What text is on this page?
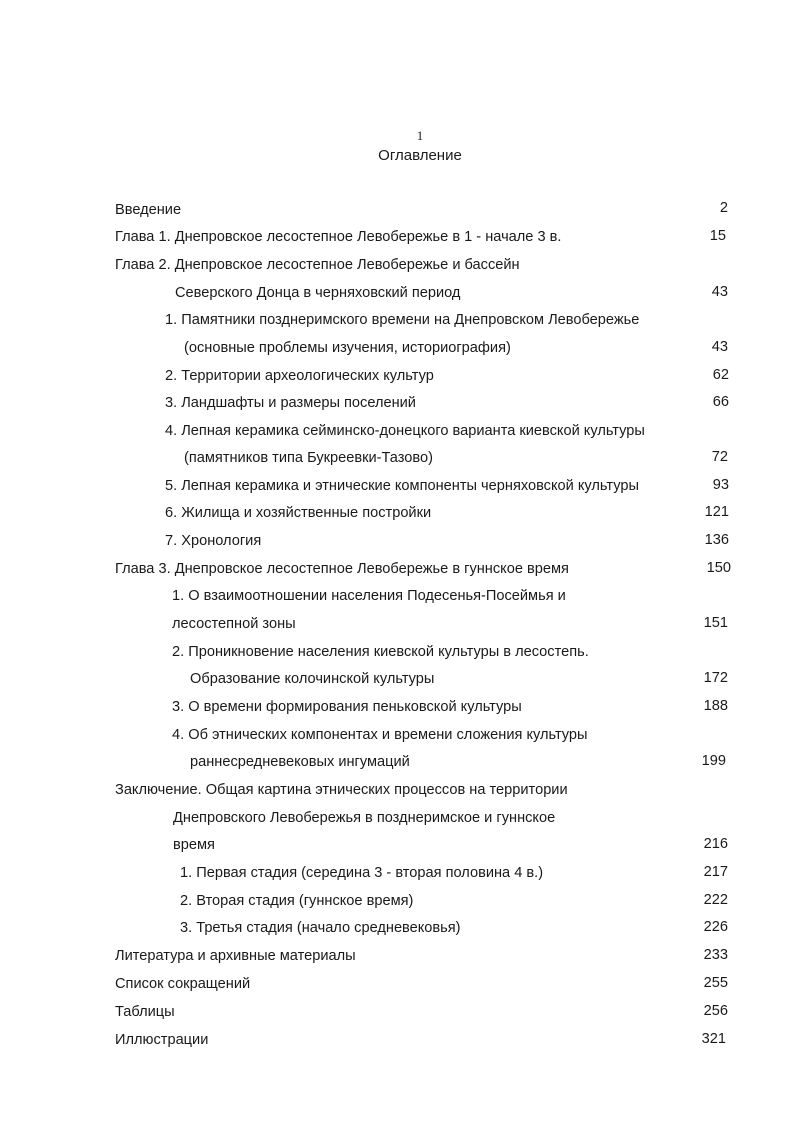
1
Оглавление
Введение	2
Глава 1. Днепровское лесостепное Левобережье в 1 - начале 3 в.	15
Глава 2. Днепровское лесостепное Левобережье и бассейн
Северского Донца в черняховский период	43
1. Памятники позднеримского времени на Днепровском Левобережье
(основные проблемы изучения, историография)	43
2. Территории археологических культур	62
3. Ландшафты и размеры поселений	66
4. Лепная керамика сейминско-донецкого варианта киевской культуры
(памятников типа Букреевки-Тазово)	72
5. Лепная керамика и этнические компоненты черняховской культуры	93
6. Жилища и хозяйственные постройки	121
7. Хронология	136
Глава 3. Днепровское лесостепное Левобережье в гуннское время	150
1. О взаимоотношении населения Подесенья-Посеймья и
лесостепной зоны	151
2. Проникновение населения киевской культуры в лесостепь.
Образование колочинской культуры	172
3. О времени формирования пеньковской культуры	188
4. Об этнических компонентах и времени сложения культуры
раннесредневековых ингумаций	199
Заключение. Общая картина этнических процессов на территории
Днепровского Левобережья в позднеримское и гуннское
время	216
1. Первая стадия (середина 3 - вторая половина 4 в.)	217
2. Вторая стадия (гуннское время)	222
3. Третья стадия (начало средневековья)	226
Литература и архивные материалы	233
Список сокращений	255
Таблицы	256
Иллюстрации	321
